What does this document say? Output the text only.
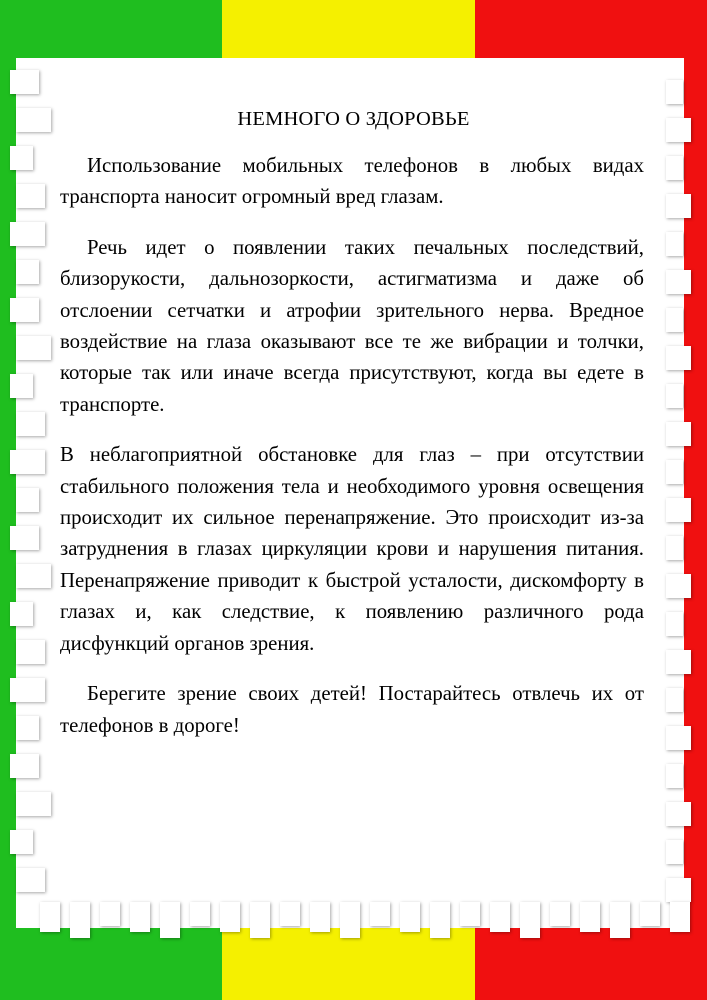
НЕМНОГО О ЗДОРОВЬЕ

Использование мобильных телефонов в любых видах транспорта наносит огромный вред глазам.

Речь идет о появлении таких печальных последствий, близорукости, дальнозоркости, астигматизма и даже об отслоении сетчатки и атрофии зрительного нерва. Вредное воздействие на глаза оказывают все те же вибрации и толчки, которые так или иначе всегда присутствуют, когда вы едете в транспорте.

В неблагоприятной обстановке для глаз – при отсутствии стабильного положения тела и необходимого уровня освещения происходит их сильное перенапряжение. Это происходит из-за затруднения в глазах циркуляции крови и нарушения питания. Перенапряжение приводит к быстрой усталости, дискомфорту в глазах и, как следствие, к появлению различного рода дисфункций органов зрения.

Берегите зрение своих детей! Постарайтесь отвлечь их от телефонов в дороге!
